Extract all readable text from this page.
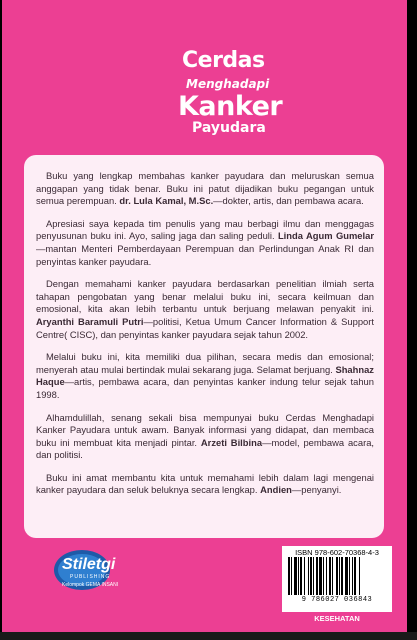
Cerdas
Menghadapi
Kanker
Payudara

Buku yang lengkap membahas kanker payudara dan meluruskan semua anggapan yang tidak benar. Buku ini patut dijadikan buku pegangan untuk semua perempuan. dr. Lula Kamal, M.Sc.—dokter, artis, dan pembawa acara.

Apresiasi saya kepada tim penulis yang mau berbagi ilmu dan menggagas penyusunan buku ini. Ayo, saling jaga dan saling peduli. Linda Agum Gumelar—mantan Menteri Pemberdayaan Perempuan dan Perlindungan Anak RI dan penyintas kanker payudara.

Dengan memahami kanker payudara berdasarkan penelitian ilmiah serta tahapan pengobatan yang benar melalui buku ini, secara keilmuan dan emosional, kita akan lebih terbantu untuk berjuang melawan penyakit ini. Aryanthi Baramuli Putri—politisi, Ketua Umum Cancer Information & Support Centre( CISC), dan penyintas kanker payudara sejak tahun 2002.

Melalui buku ini, kita memiliki dua pilihan, secara medis dan emosional; menyerah atau mulai bertindak mulai sekarang juga. Selamat berjuang. Shahnaz Haque—artis, pembawa acara, dan penyintas kanker indung telur sejak tahun 1998.

Alhamdulillah, senang sekali bisa mempunyai buku Cerdas Menghadapi Kanker Payudara untuk awam. Banyak informasi yang didapat, dan membaca buku ini membuat kita menjadi pintar. Arzeti Bilbina—model, pembawa acara, dan politisi.

Buku ini amat membantu kita untuk memahami lebih dalam lagi mengenai kanker payudara dan seluk beluknya secara lengkap. Andien—penyanyi.

Stiletgi
PUBLISHING
Kelompok GEMA INSANI
ISBN 978-602-70368-4-3
9 786027 036843
KESEHATAN
